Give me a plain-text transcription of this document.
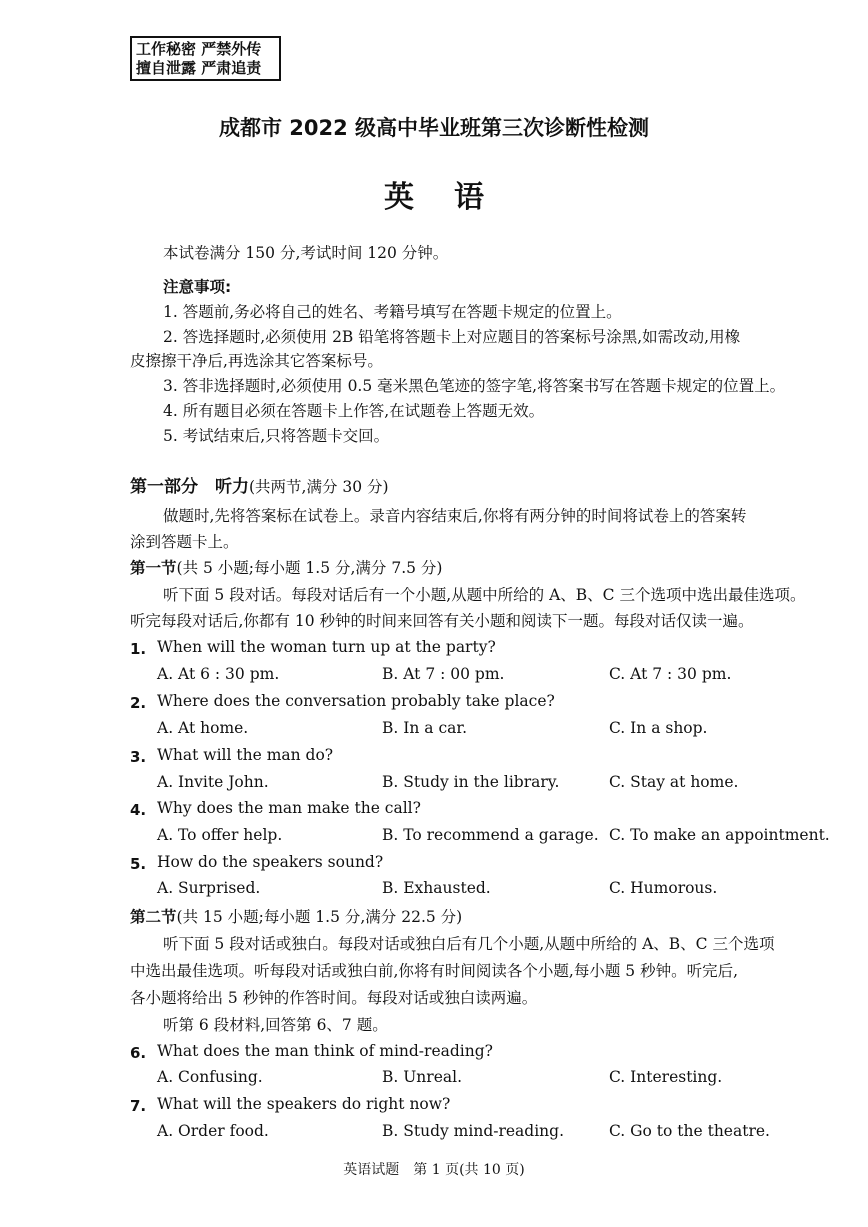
工作秘密 严禁外传
擅自泄露 严肃追责
成都市 2022 级高中毕业班第三次诊断性检测
英语
本试卷满分 150 分,考试时间 120 分钟。
注意事项:
1. 答题前,务必将自己的姓名、考籍号填写在答题卡规定的位置上。
2. 答选择题时,必须使用 2B 铅笔将答题卡上对应题目的答案标号涂黑,如需改动,用橡
皮擦擦干净后,再选涂其它答案标号。
3. 答非选择题时,必须使用 0.5 毫米黑色笔迹的签字笔,将答案书写在答题卡规定的位置上。
4. 所有题目必须在答题卡上作答,在试题卷上答题无效。
5. 考试结束后,只将答题卡交回。
第一部分　听力(共两节,满分 30 分)
做题时,先将答案标在试卷上。录音内容结束后,你将有两分钟的时间将试卷上的答案转
涂到答题卡上。
第一节(共 5 小题;每小题 1.5 分,满分 7.5 分)
听下面 5 段对话。每段对话后有一个小题,从题中所给的 A、B、C 三个选项中选出最佳选项。
听完每段对话后,你都有 10 秒钟的时间来回答有关小题和阅读下一题。每段对话仅读一遍。
1. When will the woman turn up at the party?
A. At 6 : 30 pm.	B. At 7 : 00 pm.	C. At 7 : 30 pm.
2. Where does the conversation probably take place?
A. At home.	B. In a car.	C. In a shop.
3. What will the man do?
A. Invite John.	B. Study in the library.	C. Stay at home.
4. Why does the man make the call?
A. To offer help.	B. To recommend a garage. C. To make an appointment.
5. How do the speakers sound?
A. Surprised.	B. Exhausted.	C. Humorous.
第二节(共 15 小题;每小题 1.5 分,满分 22.5 分)
听下面 5 段对话或独白。每段对话或独白后有几个小题,从题中所给的 A、B、C 三个选项
中选出最佳选项。听每段对话或独白前,你将有时间阅读各个小题,每小题 5 秒钟。听完后,
各小题将给出 5 秒钟的作答时间。每段对话或独白读两遍。
听第 6 段材料,回答第 6、7 题。
6. What does the man think of mind-reading?
A. Confusing.	B. Unreal.	C. Interesting.
7. What will the speakers do right now?
A. Order food.	B. Study mind-reading.	C. Go to the theatre.
英语试题　第 1 页(共 10 页)
